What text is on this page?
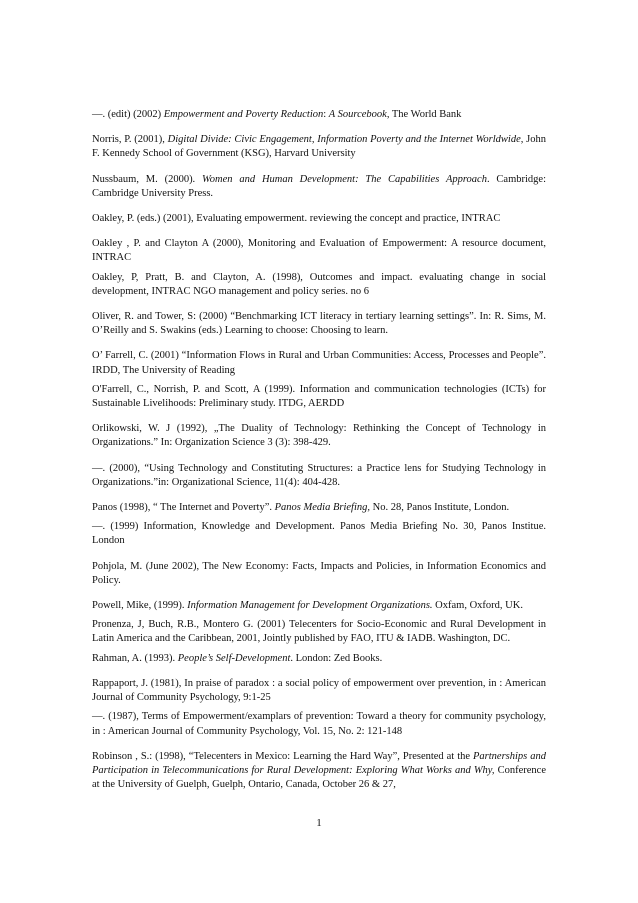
—. (edit) (2002) Empowerment and Poverty Reduction: A Sourcebook, The World Bank

Norris, P. (2001), Digital Divide: Civic Engagement, Information Poverty and the Internet Worldwide, John F. Kennedy School of Government (KSG), Harvard University

Nussbaum, M. (2000). Women and Human Development: The Capabilities Approach. Cambridge: Cambridge University Press.

Oakley, P. (eds.) (2001), Evaluating empowerment. reviewing the concept and practice, INTRAC

Oakley , P. and Clayton A (2000), Monitoring and Evaluation of Empowerment: A resource document, INTRAC

Oakley, P, Pratt, B. and Clayton, A. (1998), Outcomes and impact. evaluating change in social development, INTRAC NGO management and policy series. no 6

Oliver, R. and Tower, S: (2000) “Benchmarking ICT literacy in tertiary learning settings”. In: R. Sims, M. O’Reilly and S. Swakins (eds.) Learning to choose: Choosing to learn.

O’ Farrell, C. (2001) “Information Flows in Rural and Urban Communities: Access, Processes and People”. IRDD, The University of Reading

O'Farrell, C., Norrish, P. and Scott, A (1999). Information and communication technologies (ICTs) for Sustainable Livelihoods: Preliminary study. ITDG, AERDD

Orlikowski, W. J (1992), „The Duality of Technology: Rethinking the Concept of Technology in Organizations.” In: Organization Science 3 (3): 398-429.

—. (2000), “Using Technology and Constituting Structures: a Practice lens for Studying Technology in Organizations.”in: Organizational Science, 11(4): 404-428.

Panos (1998), “ The Internet and Poverty”. Panos Media Briefing, No. 28, Panos Institute, London.

—. (1999) Information, Knowledge and Development. Panos Media Briefing No. 30, Panos Institue. London

Pohjola, M. (June 2002), The New Economy: Facts, Impacts and Policies, in Information Economics and Policy.

Powell, Mike, (1999). Information Management for Development Organizations. Oxfam, Oxford, UK.

Pronenza, J, Buch, R.B., Montero G. (2001) Telecenters for Socio-Economic and Rural Development in Latin America and the Caribbean, 2001, Jointly published by FAO, ITU & IADB. Washington, DC.

Rahman, A. (1993). People’s Self-Development. London: Zed Books.

Rappaport, J. (1981), In praise of paradox : a social policy of empowerment over prevention, in : American Journal of Community Psychology, 9:1-25

—. (1987), Terms of Empowerment/examplars of prevention: Toward a theory for community psychology, in : American Journal of Community Psychology, Vol. 15, No. 2: 121-148

Robinson , S.: (1998), “Telecenters in Mexico: Learning the Hard Way”, Presented at the Partnerships and Participation in Telecommunications for Rural Development: Exploring What Works and Why, Conference at the University of Guelph, Guelph, Ontario, Canada, October 26 & 27,

1
